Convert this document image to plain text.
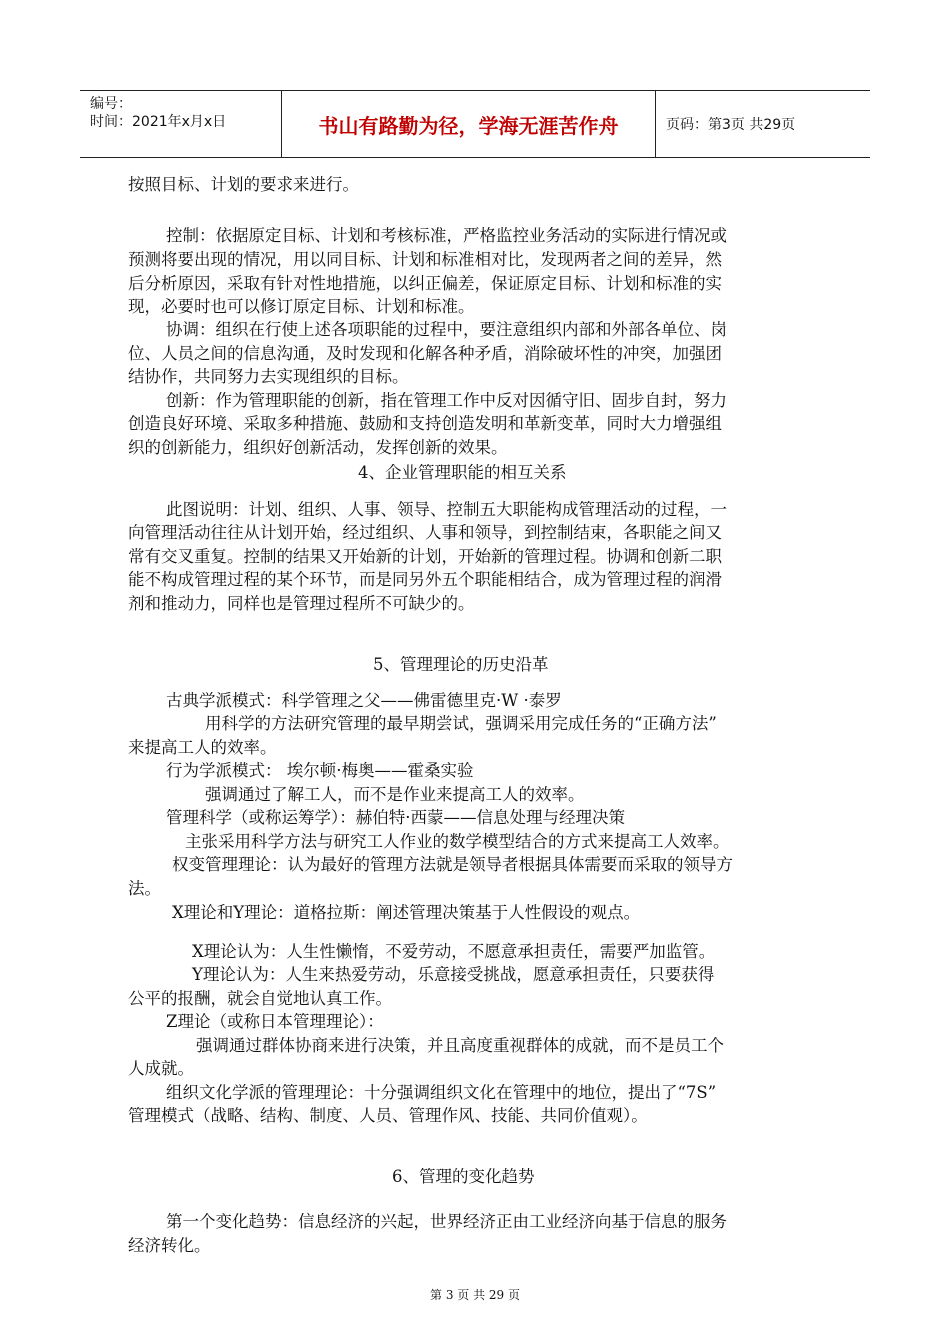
编号：
时间：2021年x月x日	书山有路勤为径，学海无涯苦作舟	页码：第3页 共29页
按照目标、计划的要求来进行。
控制：依据原定目标、计划和考核标准，严格监控业务活动的实际进行情况或
预测将要出现的情况，用以同目标、计划和标准相对比，发现两者之间的差异，然
后分析原因，采取有针对性地措施，以纠正偏差，保证原定目标、计划和标准的实
现，必要时也可以修订原定目标、计划和标准。
协调：组织在行使上述各项职能的过程中，要注意组织内部和外部各单位、岗
位、人员之间的信息沟通，及时发现和化解各种矛盾，消除破坏性的冲突，加强团
结协作，共同努力去实现组织的目标。
创新：作为管理职能的创新，指在管理工作中反对因循守旧、固步自封，努力
创造良好环境、采取多种措施、鼓励和支持创造发明和革新变革，同时大力增强组
织的创新能力，组织好创新活动，发挥创新的效果。
4、企业管理职能的相互关系
此图说明：计划、组织、人事、领导、控制五大职能构成管理活动的过程，一
向管理活动往往从计划开始，经过组织、人事和领导，到控制结束，各职能之间又
常有交叉重复。控制的结果又开始新的计划，开始新的管理过程。协调和创新二职
能不构成管理过程的某个环节，而是同另外五个职能相结合，成为管理过程的润滑
剂和推动力，同样也是管理过程所不可缺少的。
5、管理理论的历史沿革
古典学派模式：科学管理之父——佛雷德里克·W ·泰罗
用科学的方法研究管理的最早期尝试，强调采用完成任务的“正确方法”
来提高工人的效率。
行为学派模式： 埃尔顿·梅奥——霍桑实验
强调通过了解工人，而不是作业来提高工人的效率。
管理科学（或称运筹学）：赫伯特·西蒙——信息处理与经理决策
主张采用科学方法与研究工人作业的数学模型结合的方式来提高工人效率。
权变管理理论：认为最好的管理方法就是领导者根据具体需要而采取的领导方
法。
X理论和Y理论：道格拉斯：阐述管理决策基于人性假设的观点。
X理论认为：人生性懒惰，不爱劳动，不愿意承担责任，需要严加监管。
Y理论认为：人生来热爱劳动，乐意接受挑战，愿意承担责任，只要获得
公平的报酬，就会自觉地认真工作。
Z理论（或称日本管理理论）：
强调通过群体协商来进行决策，并且高度重视群体的成就，而不是员工个
人成就。
组织文化学派的管理理论：十分强调组织文化在管理中的地位，提出了“7S”
管理模式（战略、结构、制度、人员、管理作风、技能、共同价值观）。
6、管理的变化趋势
第一个变化趋势：信息经济的兴起，世界经济正由工业经济向基于信息的服务
经济转化。
第 3 页 共 29 页
